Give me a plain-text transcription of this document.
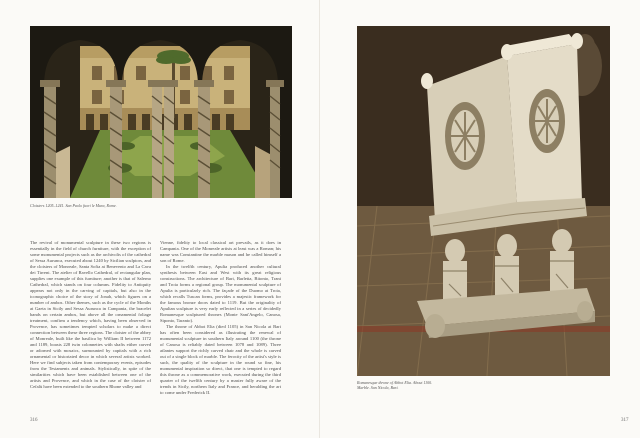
Cloisters 1205–1241. San Paolo fuori le Mura, Rome.

The revival of monumental sculpture in these two regions is essentially in the field of church furniture, with the exception of some monumental projects such as the archivolts of the cathedral of Sessa Aurunca, executed about 1240 by Sicilian sculptors, and the cloisters of Monreale, Santa Sofia at Benevento and La Cava dei Tirreni. The atelier of Ravello Cathedral, of rectangular plan, supplies one example of this furniture; another is that of Salerno Cathedral, which stands on four columns. Fidelity to Antiquity appears not only in the carving of capitals, but also in the iconographic choice of the story of Jonah, which figures on a number of ambos. Other themes, such as the cycle of the Months at Gaeta in Sicily and Sessa Aurunca in Campania, the bracelet bands on certain ambos, but above all the ornamental foliage treatment, confirm a tendency which, having been observed in Provence, has sometimes tempted scholars to make a direct connection between these three regions. The cloister of the abbey of Monreale, built like the basilica by William II between 1172 and 1189, boasts 228 twin colonnettes with shafts either carved or adorned with mosaics, surmounted by capitals with a rich ornamental or historiated decor in which several artists worked. Here we find subjects taken from contemporary events, episodes from the Testaments and animals. Stylistically, in spite of the similarities which have been established between one of the artists and Provence, and which in the case of the cloister of Cefalù have been extended to the southern Rhone valley and

Vienne, fidelity to local classical art prevails, as it does in Campania. One of the Monreale artists at least was a Roman; his name was Constantine the marble mason and he called himself a son of Rome.

In the twelfth century, Apulia produced another cultural synthesis between East and West with its great religious constructions. The architecture of Bari, Barletta, Bitonto, Trani and Troia forms a regional group. The monumental sculpture of Apulia is particularly rich. The façade of the Duomo at Troia, which recalls Tuscan forms, provides a majestic framework for the famous bronze doors dated to 1119. But the originality of Apulian sculpture is very early reflected in a series of decidedly Romanesque sculptured thrones (Monte Sant'Angelo, Canosa, Siponto, Taranto).

The throne of Abbot Elia (died 1105) in San Nicola at Bari has often been considered as illustrating the renewal of monumental sculpture in southern Italy around 1100 (the throne of Canosa is reliably dated between 1078 and 1089). Three atlantes support the richly carved chair and the whole is carved out of a single block of marble. The ferocity of the artist's style is such, the quality of the sculpture in the round so fine, his monumental inspiration so direct, that one is tempted to regard this throne as a commemorative work, executed during the third quarter of the twelfth century by a master fully aware of the trends in Sicily, northern Italy and France, and heralding the art to come under Frederick II.

316
Romanesque throne of Abbot Elia. About 1100. Marble. San Nicola, Bari.
317
